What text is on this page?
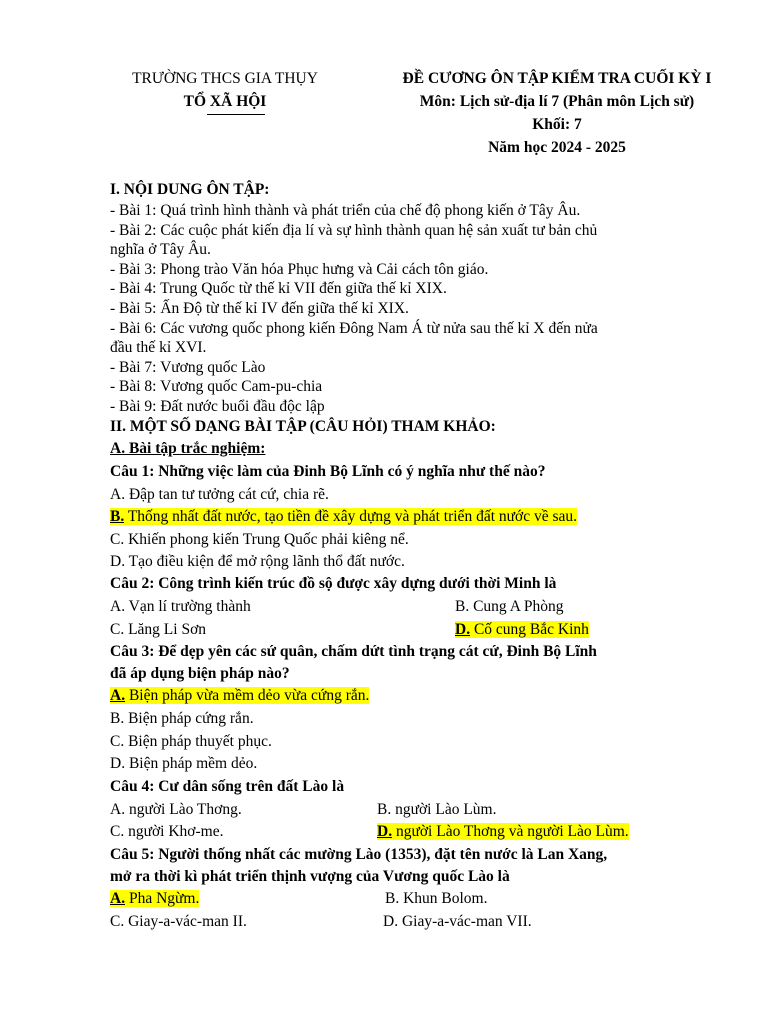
TRƯỜNG THCS GIA THỤY
TỔ XÃ HỘI
ĐỀ CƯƠNG ÔN TẬP KIỂM TRA CUỐI KỲ I
Môn: Lịch sử-địa lí 7 (Phân môn Lịch sử)
Khối: 7
Năm học 2024 - 2025
I. NỘI DUNG ÔN TẬP:
- Bài 1: Quá trình hình thành và phát triển của chế độ phong kiến ở Tây Âu.
- Bài 2: Các cuộc phát kiến địa lí và sự hình thành quan hệ sản xuất tư bản chủ
nghĩa ở Tây Âu.
- Bài 3: Phong trào Văn hóa Phục hưng và Cải cách tôn giáo.
- Bài 4: Trung Quốc từ thế kỉ VII đến giữa thế kỉ XIX.
- Bài 5: Ấn Độ từ thế kỉ IV đến giữa thế kỉ XIX.
- Bài 6: Các vương quốc phong kiến Đông Nam Á từ nửa sau thế kỉ X đến nửa
đầu thế kỉ XVI.
- Bài 7: Vương quốc Lào
- Bài 8: Vương quốc Cam-pu-chia
- Bài 9: Đất nước buổi đầu độc lập
II. MỘT SỐ DẠNG BÀI TẬP (CÂU HỎI) THAM KHẢO:
A. Bài tập trắc nghiệm:
Câu 1: Những việc làm của Đinh Bộ Lĩnh có ý nghĩa như thế nào?
A. Đập tan tư tưởng cát cứ, chia rẽ.
B. Thống nhất đất nước, tạo tiền đề xây dựng và phát triển đất nước về sau.
C. Khiến phong kiến Trung Quốc phải kiêng nể.
D. Tạo điều kiện để mở rộng lãnh thổ đất nước.
Câu 2: Công trình kiến trúc đồ sộ được xây dựng dưới thời Minh là
A. Vạn lí trường thành	B. Cung A Phòng
C. Lăng Li Sơn	D. Cố cung Bắc Kinh
Câu 3: Để dẹp yên các sứ quân, chấm dứt tình trạng cát cứ, Đinh Bộ Lĩnh
đã áp dụng biện pháp nào?
A. Biện pháp vừa mềm dẻo vừa cứng rắn.
B. Biện pháp cứng rắn.
C. Biện pháp thuyết phục.
D. Biện pháp mềm dẻo.
Câu 4: Cư dân sống trên đất Lào là
A. người Lào Thơng.	B. người Lào Lùm.
C. người Khơ-me.	D. người Lào Thơng và người Lào Lùm.
Câu 5: Người thống nhất các mường Lào (1353), đặt tên nước là Lan Xang,
mở ra thời kì phát triển thịnh vượng của Vương quốc Lào là
A. Pha Ngừm.	B. Khun Bolom.
C. Giay-a-vác-man II.	D. Giay-a-vác-man VII.
